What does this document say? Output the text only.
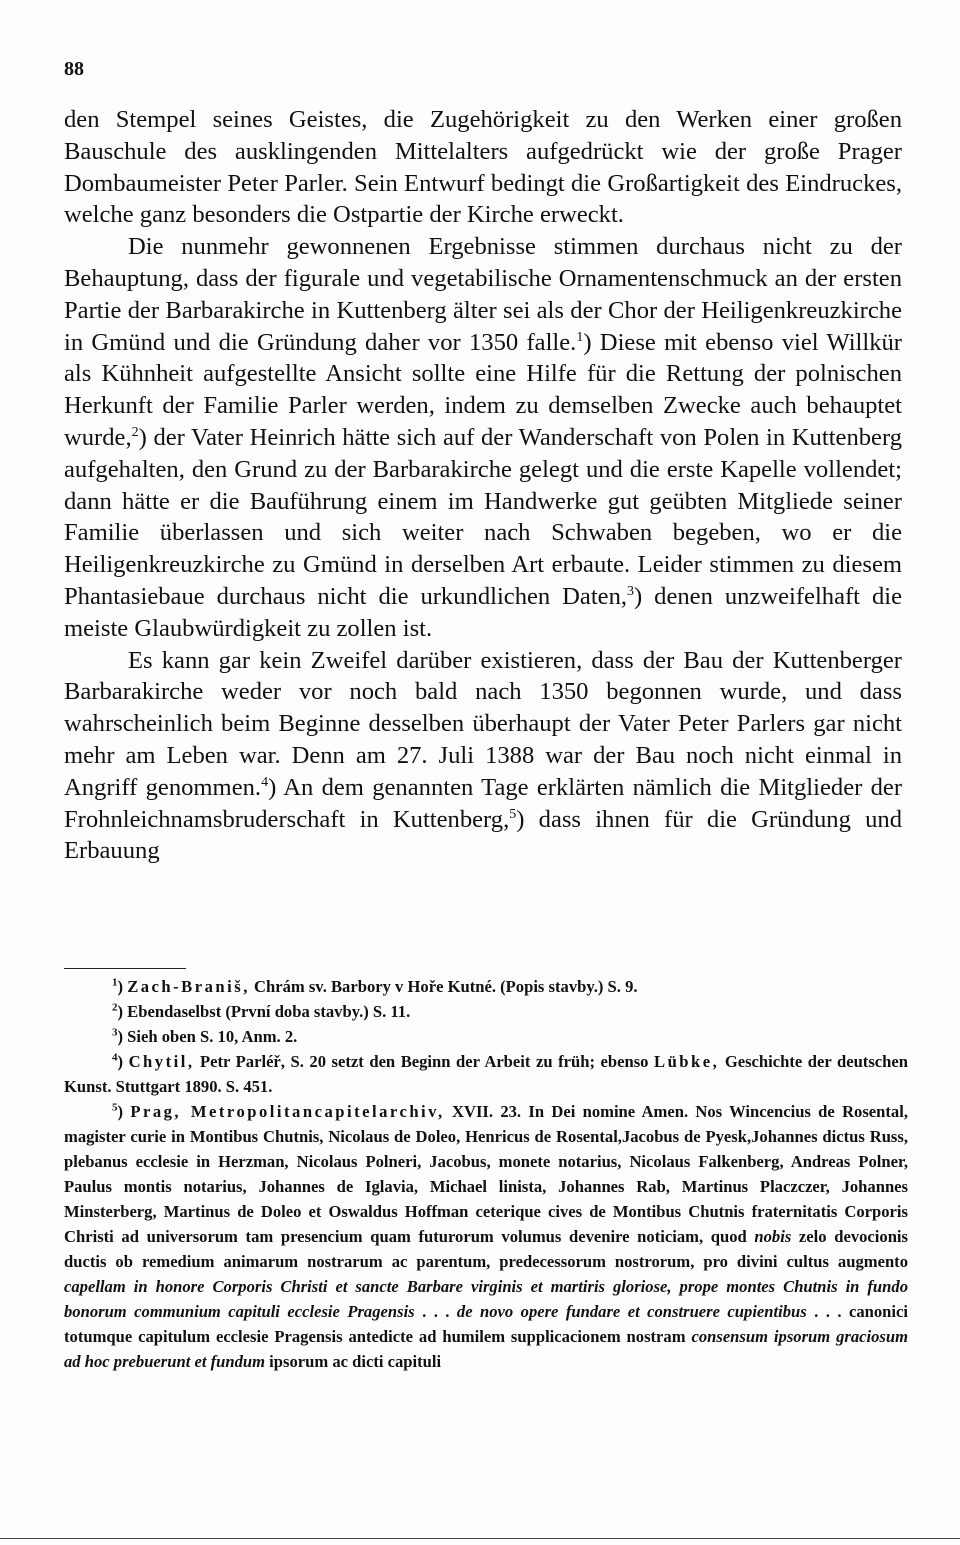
88

den Stempel seines Geistes, die Zugehörigkeit zu den Werken einer großen Bauschule des ausklingenden Mittelalters aufgedrückt wie der große Prager Dombaumeister Peter Parler. Sein Entwurf bedingt die Großartigkeit des Eindruckes, welche ganz besonders die Ostpartie der Kirche erweckt.

Die nunmehr gewonnenen Ergebnisse stimmen durchaus nicht zu der Behauptung, dass der figurale und vegetabilische Ornamentenschmuck an der ersten Partie der Barbarakirche in Kuttenberg älter sei als der Chor der Heiligenkreuzkirche in Gmünd und die Gründung daher vor 1350 falle.$^1$) Diese mit ebenso viel Willkür als Kühnheit aufgestellte Ansicht sollte eine Hilfe für die Rettung der polnischen Herkunft der Familie Parler werden, indem zu demselben Zwecke auch behauptet wurde,$^2$) der Vater Heinrich hätte sich auf der Wanderschaft von Polen in Kuttenberg aufgehalten, den Grund zu der Barbarakirche gelegt und die erste Kapelle vollendet; dann hätte er die Bauführung einem im Handwerke gut geübten Mitgliede seiner Familie überlassen und sich weiter nach Schwaben begeben, wo er die Heiligenkreuzkirche zu Gmünd in derselben Art erbaute. Leider stimmen zu diesem Phantasiebaue durchaus nicht die urkundlichen Daten,$^3$) denen unzweifelhaft die meiste Glaubwürdigkeit zu zollen ist.

Es kann gar kein Zweifel darüber existieren, dass der Bau der Kuttenberger Barbarakirche weder vor noch bald nach 1350 begonnen wurde, und dass wahrscheinlich beim Beginne desselben überhaupt der Vater Peter Parlers gar nicht mehr am Leben war. Denn am 27. Juli 1388 war der Bau noch nicht einmal in Angriff genommen.$^4$) An dem genannten Tage erklärten nämlich die Mitglieder der Frohnleichnamsbruderschaft in Kuttenberg,$^5$) dass ihnen für die Gründung und Erbauung

$^1$) Zach-Braniš, Chrám sv. Barbory v Hoře Kutné. (Popis stavby.) S. 9.

$^2$) Ebendaselbst (První doba stavby.) S. 11.

$^3$) Sieh oben S. 10, Anm. 2.

$^4$) Chytil, Petr Parléř, S. 20 setzt den Beginn der Arbeit zu früh; ebenso Lübke, Geschichte der deutschen Kunst. Stuttgart 1890. S. 451.

$^5$) Prag, Metropolitancapitelarchiv, XVII. 23. In Dei nomine Amen. Nos Wincencius de Rosental, magister curie in Montibus Chutnis, Nicolaus de Doleo, Henricus de Rosental,Jacobus de Pyesk,Johannes dictus Russ, plebanus ecclesie in Herzman, Nicolaus Polneri, Jacobus, monete notarius, Nicolaus Falkenberg, Andreas Polner, Paulus montis notarius, Johannes de Iglavia, Michael linista, Johannes Rab, Martinus Placzczer, Johannes Minsterberg, Martinus de Doleo et Oswaldus Hoffman ceterique cives de Montibus Chutnis fraternitatis Corporis Christi ad universorum tam presencium quam futurorum volumus devenire noticiam, quod nobis zelo devocionis ductis ob remedium animarum nostrarum ac parentum, predecessorum nostrorum, pro divini cultus augmento capellam in honore Corporis Christi et sancte Barbare virginis et martiris gloriose, prope montes Chutnis in fundo bonorum communium capituli ecclesie Pragensis . . . de novo opere fundare et construere cupientibus . . . canonici totumque capitulum ecclesie Pragensis antedicte ad humilem supplicacionem nostram consensum ipsorum graciosum ad hoc prebuerunt et fundum ipsorum ac dicti capituli
